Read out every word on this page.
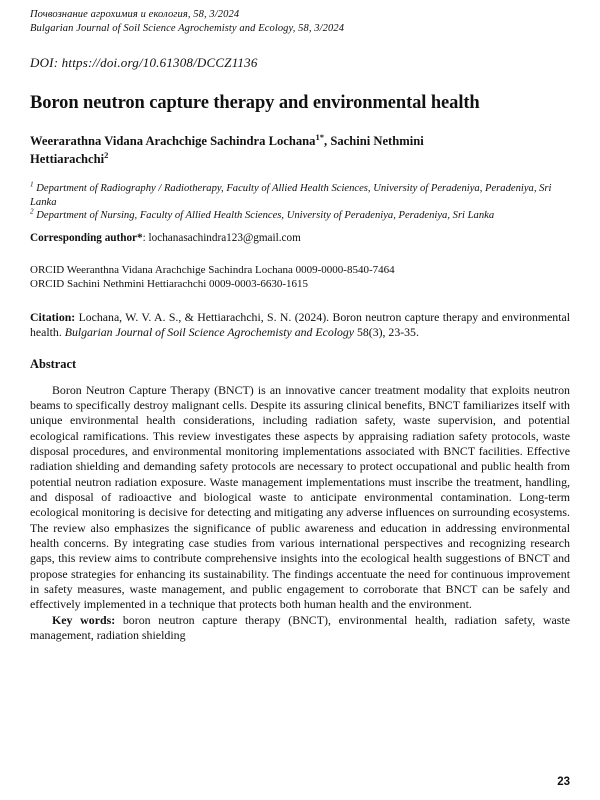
Почвознание агрохимия и екология, 58, 3/2024
Bulgarian Journal of Soil Science Agrochemisty and Ecology, 58, 3/2024
DOI: https://doi.org/10.61308/DCCZ1136
Boron neutron capture therapy and environmental health
Weerarathna Vidana Arachchige Sachindra Lochana$^{1*}$, Sachini Nethmini Hettiarachchi$^2$

$^1$ Department of Radiography / Radiotherapy, Faculty of Allied Health Sciences, University of Peradeniya, Peradeniya, Sri Lanka

$^2$ Department of Nursing, Faculty of Allied Health Sciences, University of Peradeniya, Peradeniya, Sri Lanka

Corresponding author*: lochanasachindra123@gmail.com
ORCID Weeranthna Vidana Arachchige Sachindra Lochana 0009-0000-8540-7464
ORCID Sachini Nethmini Hettiarachchi 0009-0003-6630-1615
Citation: Lochana, W. V. A. S., & Hettiarachchi, S. N. (2024). Boron neutron capture therapy and environmental health. Bulgarian Journal of Soil Science Agrochemisty and Ecology 58(3), 23-35.
Abstract
Boron Neutron Capture Therapy (BNCT) is an innovative cancer treatment modality that exploits neutron beams to specifically destroy malignant cells. Despite its assuring clinical benefits, BNCT familiarizes itself with unique environmental health considerations, including radiation safety, waste supervision, and potential ecological ramifications. This review investigates these aspects by appraising radiation safety protocols, waste disposal procedures, and environmental monitoring implementations associated with BNCT facilities. Effective radiation shielding and demanding safety protocols are necessary to protect occupational and public health from potential neutron radiation exposure. Waste management implementations must inscribe the treatment, handling, and disposal of radioactive and biological waste to anticipate environmental contamination. Long-term ecological monitoring is decisive for detecting and mitigating any adverse influences on surrounding ecosystems. The review also emphasizes the significance of public awareness and education in addressing environmental health concerns. By integrating case studies from various international perspectives and recognizing research gaps, this review aims to contribute comprehensive insights into the ecological health suggestions of BNCT and propose strategies for enhancing its sustainability. The findings accentuate the need for continuous improvement in safety measures, waste management, and public engagement to corroborate that BNCT can be safely and effectively implemented in a technique that protects both human health and the environment.
Key words: boron neutron capture therapy (BNCT), environmental health, radiation safety, waste management, radiation shielding
23
